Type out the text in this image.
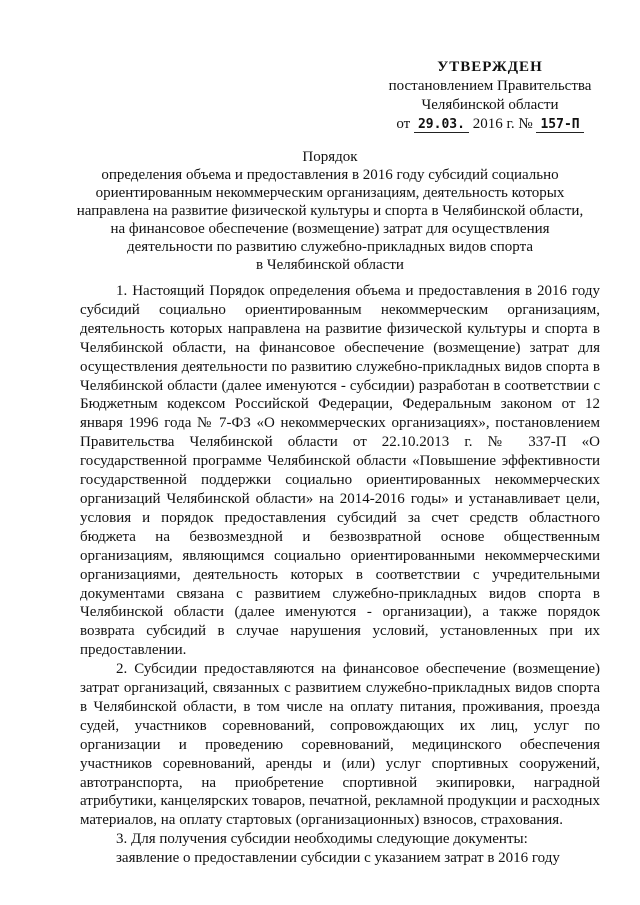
УТВЕРЖДЕН
постановлением Правительства
Челябинской области
от 29.03. 2016 г. № 157-П
Порядок
определения объема и предоставления в 2016 году субсидий социально
ориентированным некоммерческим организациям, деятельность которых
направлена на развитие физической культуры и спорта в Челябинской области,
на финансовое обеспечение (возмещение) затрат для осуществления
деятельности по развитию служебно-прикладных видов спорта
в Челябинской области

1. Настоящий Порядок определения объема и предоставления в 2016 году субсидий социально ориентированным некоммерческим организациям, деятельность которых направлена на развитие физической культуры и спорта в Челябинской области, на финансовое обеспечение (возмещение) затрат для осуществления деятельности по развитию служебно-прикладных видов спорта в Челябинской области (далее именуются - субсидии) разработан в соответствии с Бюджетным кодексом Российской Федерации, Федеральным законом от 12 января 1996 года № 7-ФЗ «О некоммерческих организациях», постановлением Правительства Челябинской области от 22.10.2013 г. № 337-П «О государственной программе Челябинской области «Повышение эффективности государственной поддержки социально ориентированных некоммерческих организаций Челябинской области» на 2014-2016 годы» и устанавливает цели, условия и порядок предоставления субсидий за счет средств областного бюджета на безвозмездной и безвозвратной основе общественным организациям, являющимся социально ориентированными некоммерческими организациями, деятельность которых в соответствии с учредительными документами связана с развитием служебно-прикладных видов спорта в Челябинской области (далее именуются - организации), а также порядок возврата субсидий в случае нарушения условий, установленных при их предоставлении.

2. Субсидии предоставляются на финансовое обеспечение (возмещение) затрат организаций, связанных с развитием служебно-прикладных видов спорта в Челябинской области, в том числе на оплату питания, проживания, проезда судей, участников соревнований, сопровождающих их лиц, услуг по организации и проведению соревнований, медицинского обеспечения участников соревнований, аренды и (или) услуг спортивных сооружений, автотранспорта, на приобретение спортивной экипировки, наградной атрибутики, канцелярских товаров, печатной, рекламной продукции и расходных материалов, на оплату стартовых (организационных) взносов, страхования.

3. Для получения субсидии необходимы следующие документы:

заявление о предоставлении субсидии с указанием затрат в 2016 году
